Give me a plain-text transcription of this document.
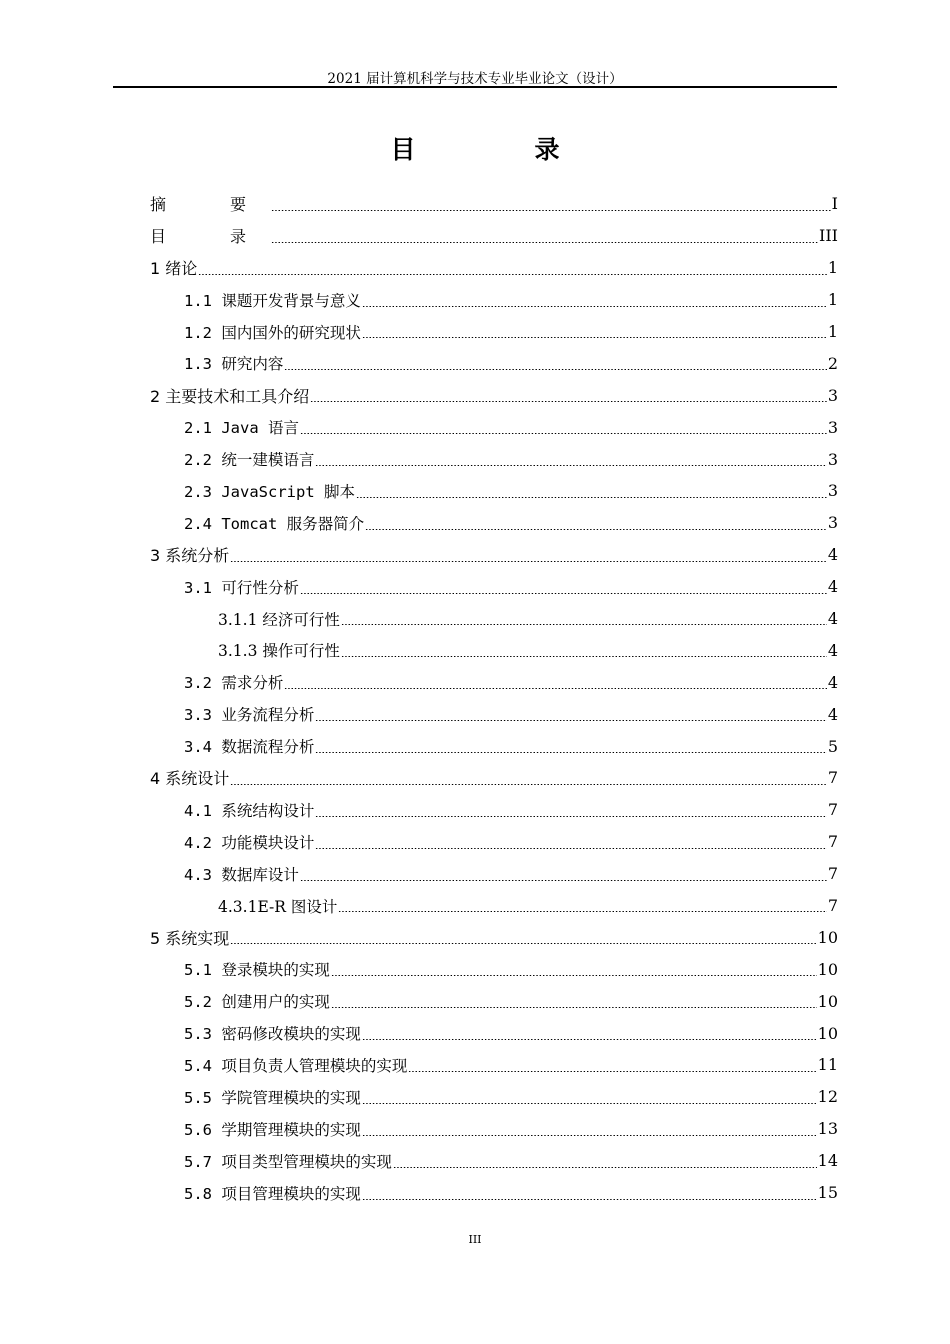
2021 届计算机科学与技术专业毕业论文（设计）
目　录
摘　要	I
目　录	III
1 绪论	1
1.1 课题开发背景与意义	1
1.2 国内国外的研究现状	1
1.3 研究内容	2
2 主要技术和工具介绍	3
2.1 Java 语言	3
2.2 统一建模语言	3
2.3 JavaScript 脚本	3
2.4 Tomcat 服务器简介	3
3 系统分析	4
3.1 可行性分析	4
3.1.1 经济可行性	4
3.1.3 操作可行性	4
3.2 需求分析	4
3.3 业务流程分析	4
3.4 数据流程分析	5
4 系统设计	7
4.1 系统结构设计	7
4.2 功能模块设计	7
4.3 数据库设计	7
4.3.1E-R 图设计	7
5 系统实现	10
5.1 登录模块的实现	10
5.2 创建用户的实现	10
5.3 密码修改模块的实现	10
5.4 项目负责人管理模块的实现	11
5.5 学院管理模块的实现	12
5.6 学期管理模块的实现	13
5.7 项目类型管理模块的实现	14
5.8 项目管理模块的实现	15
III
